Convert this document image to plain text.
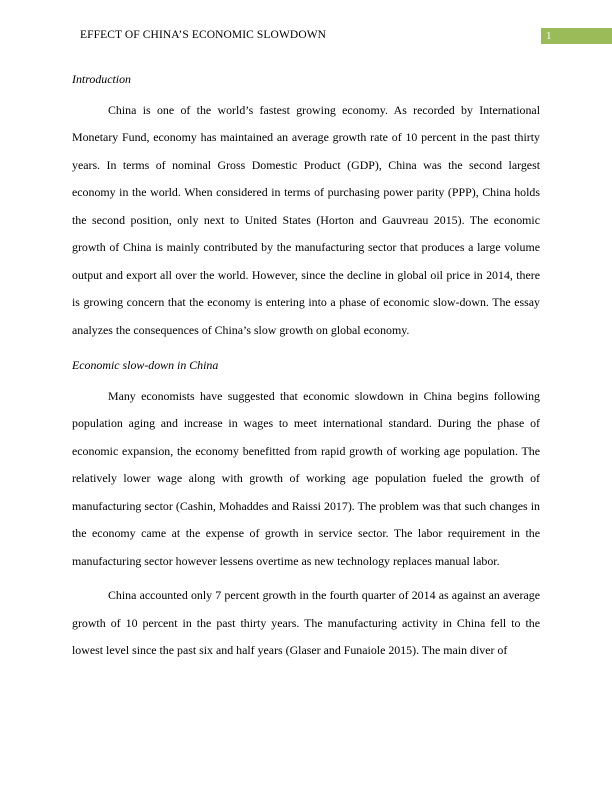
EFFECT OF CHINA’S ECONOMIC SLOWDOWN	1

Introduction

China is one of the world’s fastest growing economy. As recorded by International Monetary Fund, economy has maintained an average growth rate of 10 percent in the past thirty years. In terms of nominal Gross Domestic Product (GDP), China was the second largest economy in the world. When considered in terms of purchasing power parity (PPP), China holds the second position, only next to United States (Horton and Gauvreau 2015). The economic growth of China is mainly contributed by the manufacturing sector that produces a large volume output and export all over the world. However, since the decline in global oil price in 2014, there is growing concern that the economy is entering into a phase of economic slow-down. The essay analyzes the consequences of China’s slow growth on global economy.

Economic slow-down in China

Many economists have suggested that economic slowdown in China begins following population aging and increase in wages to meet international standard. During the phase of economic expansion, the economy benefitted from rapid growth of working age population. The relatively lower wage along with growth of working age population fueled the growth of manufacturing sector (Cashin, Mohaddes and Raissi 2017). The problem was that such changes in the economy came at the expense of growth in service sector. The labor requirement in the manufacturing sector however lessens overtime as new technology replaces manual labor.

China accounted only 7 percent growth in the fourth quarter of 2014 as against an average growth of 10 percent in the past thirty years. The manufacturing activity in China fell to the lowest level since the past six and half years (Glaser and Funaiole 2015). The main diver of
